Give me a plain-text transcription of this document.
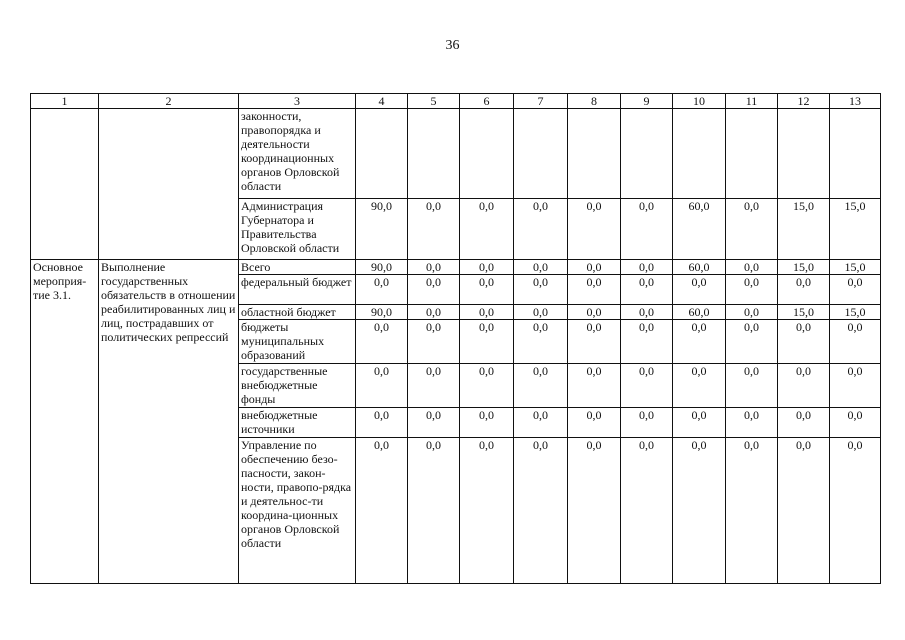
36
1	2	3	4	5	6	7	8	9	10	11	12	13
		законности, правопорядка и деятельности координационных органов Орловской области										
		Администрация Губернатора и Правительства Орловской области	90,0	0,0	0,0	0,0	0,0	0,0	60,0	0,0	15,0	15,0
Основное мероприя-тие 3.1.	Выполнение государственных обязательств в отношении реабилитированных лиц и лиц, пострадавших от политических репрессий	Всего	90,0	0,0	0,0	0,0	0,0	0,0	60,0	0,0	15,0	15,0
		федеральный бюджет	0,0	0,0	0,0	0,0	0,0	0,0	0,0	0,0	0,0	0,0
		областной бюджет	90,0	0,0	0,0	0,0	0,0	0,0	60,0	0,0	15,0	15,0
		бюджеты муниципальных образований	0,0	0,0	0,0	0,0	0,0	0,0	0,0	0,0	0,0	0,0
		государственные внебюджетные фонды	0,0	0,0	0,0	0,0	0,0	0,0	0,0	0,0	0,0	0,0
		внебюджетные источники	0,0	0,0	0,0	0,0	0,0	0,0	0,0	0,0	0,0	0,0
		Управление по обеспечению безо-пасности, закон-ности, правопо-рядка и деятельнос-ти координа-ционных органов Орловской области	0,0	0,0	0,0	0,0	0,0	0,0	0,0	0,0	0,0	0,0
